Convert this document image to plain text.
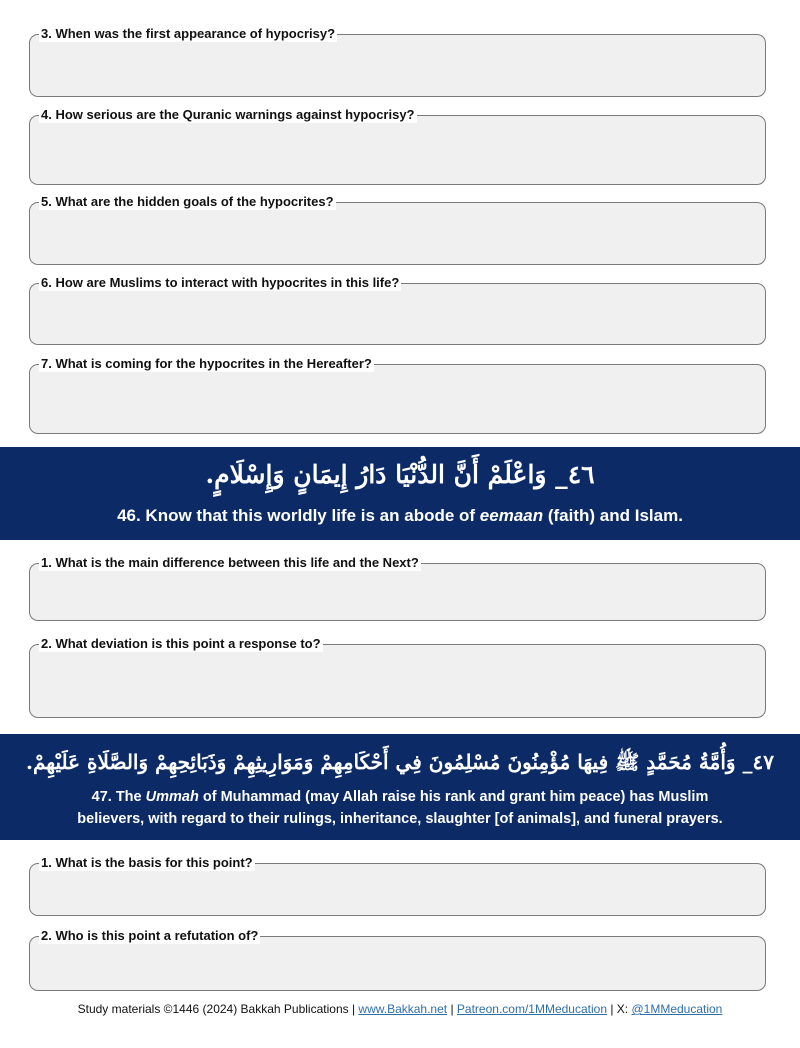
3. When was the first appearance of hypocrisy?
4. How serious are the Quranic warnings against hypocrisy?
5. What are the hidden goals of the hypocrites?
6. How are Muslims to interact with hypocrites in this life?
7. What is coming for the hypocrites in the Hereafter?
٤٦_ وَاعْلَمْ أَنَّ الدُّنْيَا دَارُ إِيمَانٍ وَإِسْلَامٍ.
46. Know that this worldly life is an abode of eemaan (faith) and Islam.
1. What is the main difference between this life and the Next?
2. What deviation is this point a response to?
٤٧_ وَأُمَّةُ مُحَمَّدٍ ﷺ فِيهَا مُؤْمِنُونَ مُسْلِمُونَ فِي أَحْكَامِهِمْ وَمَوَارِيثِهِمْ وَذَبَائِحِهِمْ وَالصَّلَاةِ عَلَيْهِمْ.
47. The Ummah of Muhammad (may Allah raise his rank and grant him peace) has Muslim
believers, with regard to their rulings, inheritance, slaughter [of animals], and funeral prayers.
1. What is the basis for this point?
2. Who is this point a refutation of?
Study materials ©1446 (2024) Bakkah Publications | www.Bakkah.net | Patreon.com/1MMeducation | X: @1MMeducation
